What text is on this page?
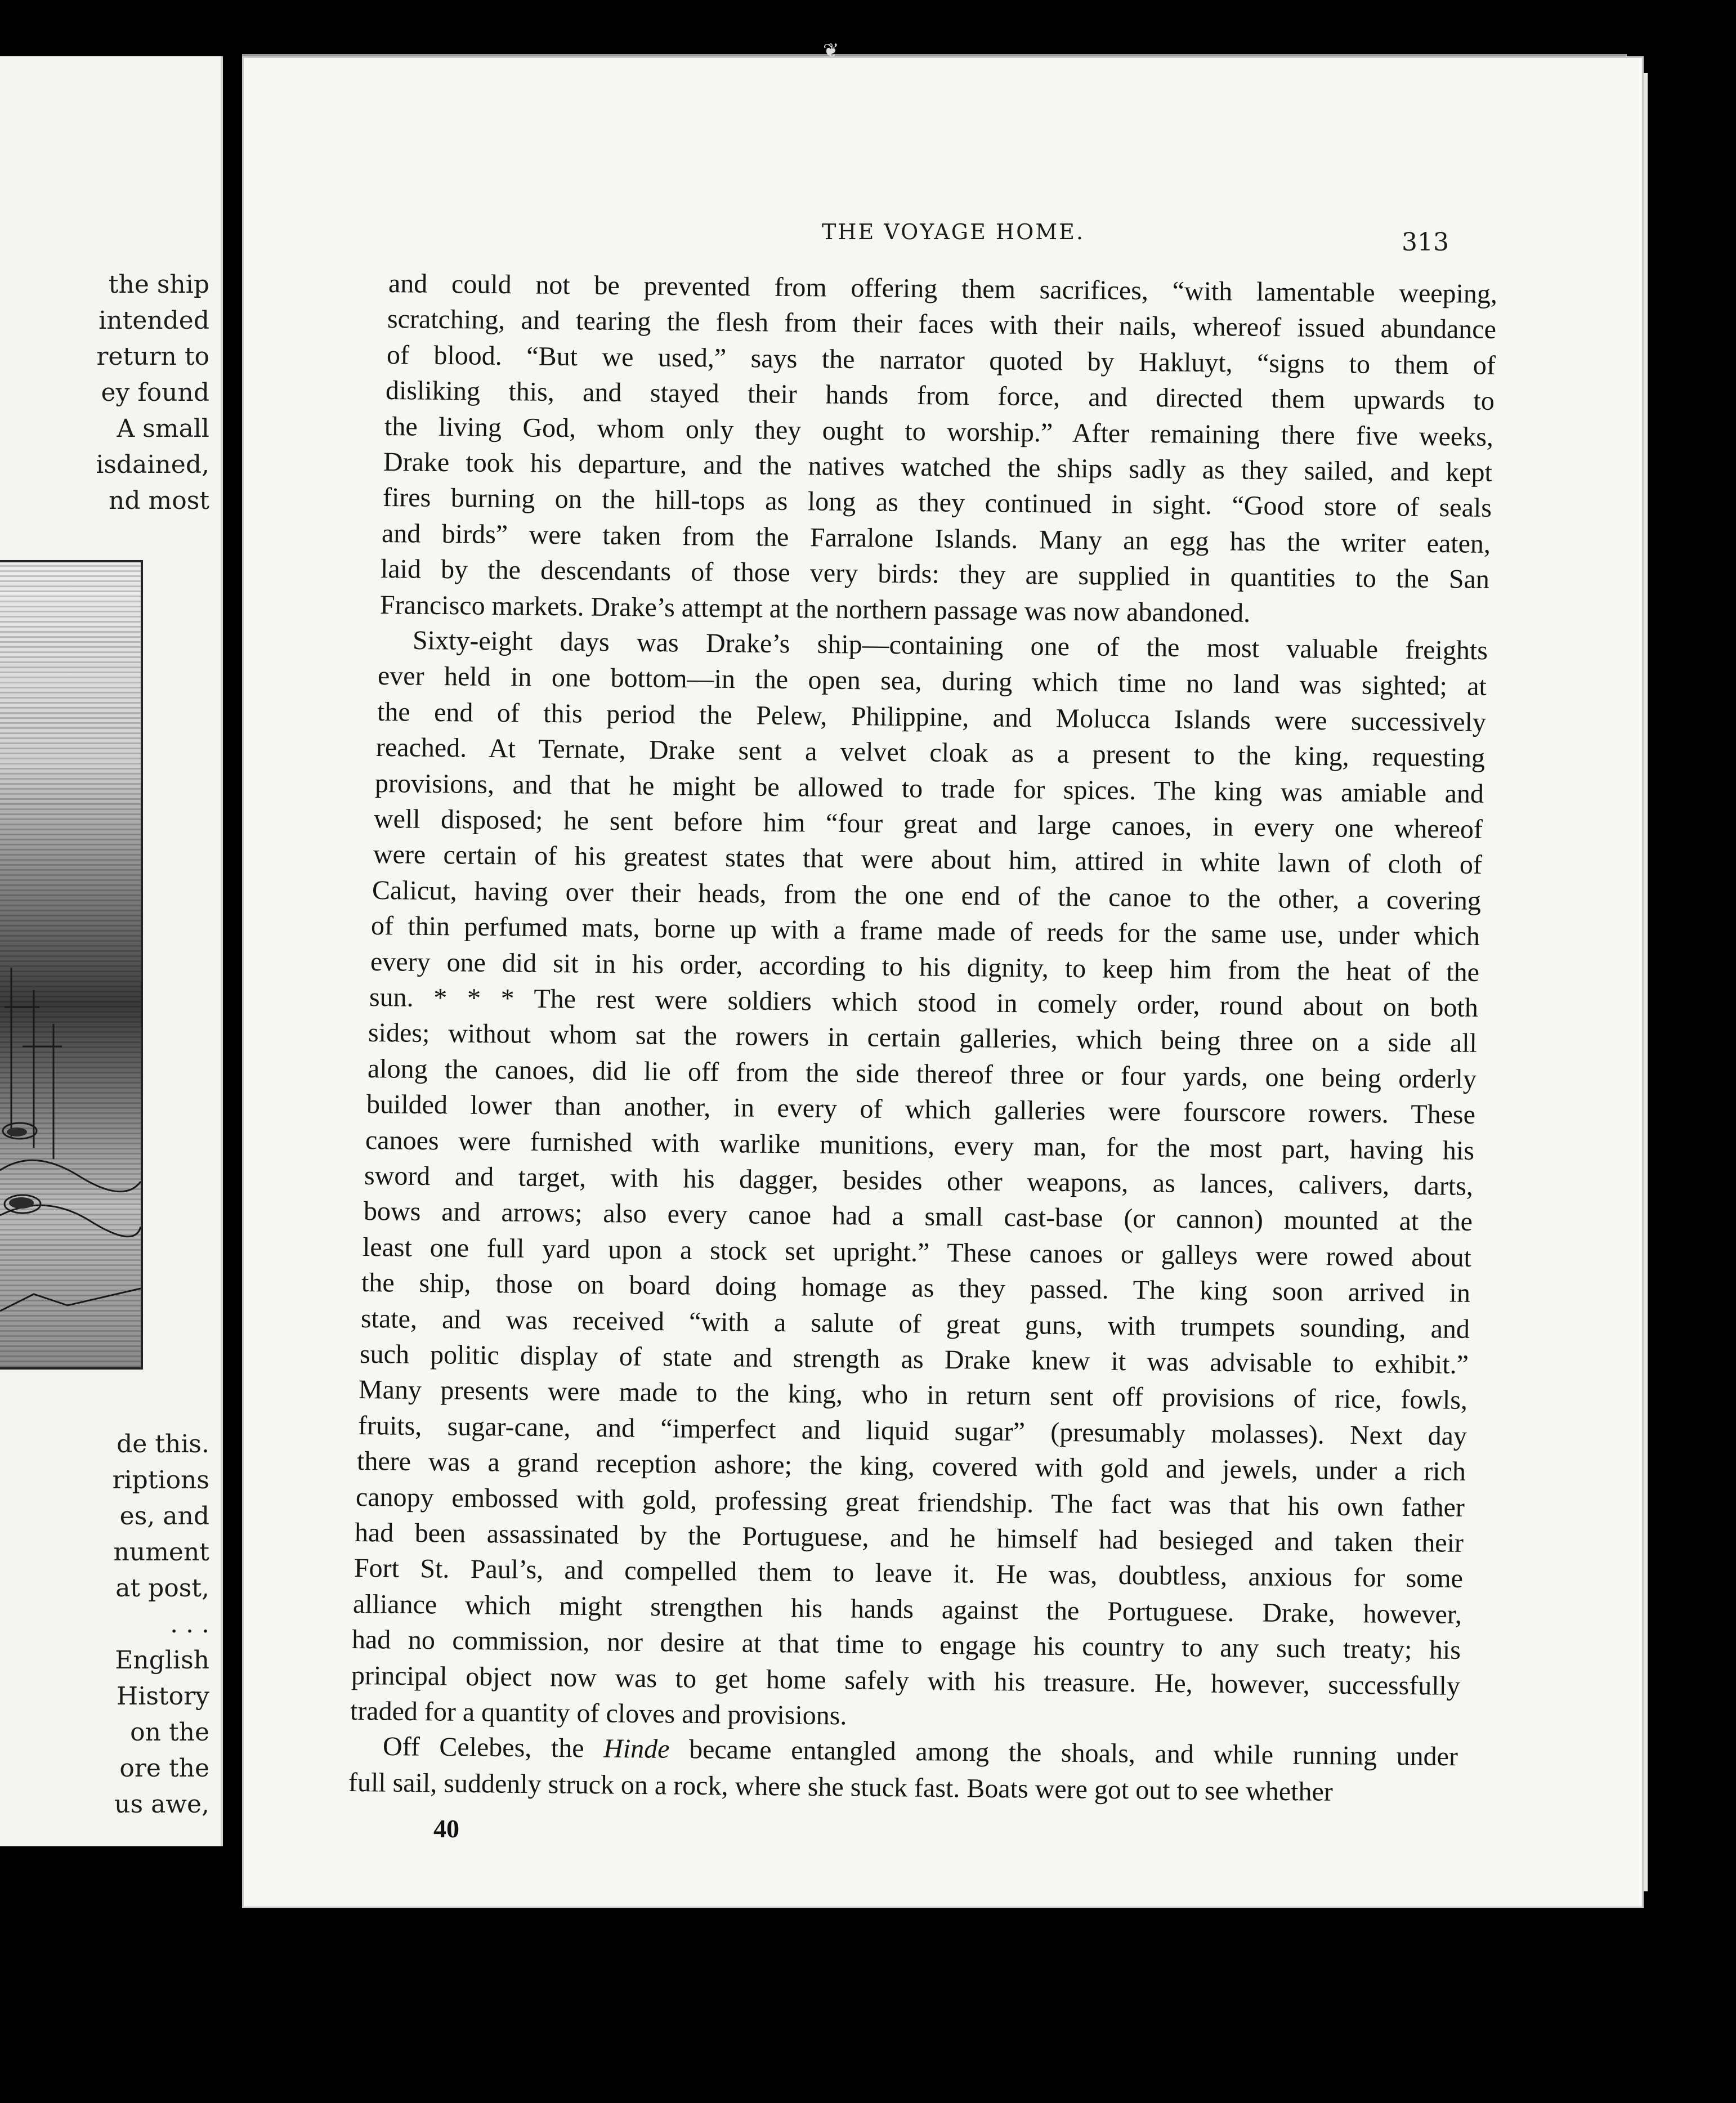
the ship
intended
return to
ey found
A small
isdained,
nd most
de this.
riptions
es, and
nument
at post,
. . .
English
History
on the
ore the
us awe,
❦
THE VOYAGE HOME.	313
and could not be prevented from offering them sacrifices, “with lamentable weeping,
scratching, and tearing the flesh from their faces with their nails, whereof issued abundance
of blood. “But we used,” says the narrator quoted by Hakluyt, “signs to them of
disliking this, and stayed their hands from force, and directed them upwards to
the living God, whom only they ought to worship.” After remaining there five weeks,
Drake took his departure, and the natives watched the ships sadly as they sailed, and kept
fires burning on the hill-tops as long as they continued in sight. “Good store of seals
and birds” were taken from the Farralone Islands. Many an egg has the writer eaten,
laid by the descendants of those very birds: they are supplied in quantities to the San
Francisco markets. Drake’s attempt at the northern passage was now abandoned.
Sixty-eight days was Drake’s ship—containing one of the most valuable freights
ever held in one bottom—in the open sea, during which time no land was sighted; at
the end of this period the Pelew, Philippine, and Molucca Islands were successively
reached. At Ternate, Drake sent a velvet cloak as a present to the king, requesting
provisions, and that he might be allowed to trade for spices. The king was amiable and
well disposed; he sent before him “four great and large canoes, in every one whereof
were certain of his greatest states that were about him, attired in white lawn of cloth of
Calicut, having over their heads, from the one end of the canoe to the other, a covering
of thin perfumed mats, borne up with a frame made of reeds for the same use, under which
every one did sit in his order, according to his dignity, to keep him from the heat of the
sun. * * * The rest were soldiers which stood in comely order, round about on both
sides; without whom sat the rowers in certain galleries, which being three on a side all
along the canoes, did lie off from the side thereof three or four yards, one being orderly
builded lower than another, in every of which galleries were fourscore rowers. These
canoes were furnished with warlike munitions, every man, for the most part, having his
sword and target, with his dagger, besides other weapons, as lances, calivers, darts,
bows and arrows; also every canoe had a small cast-base (or cannon) mounted at the
least one full yard upon a stock set upright.” These canoes or galleys were rowed about
the ship, those on board doing homage as they passed. The king soon arrived in
state, and was received “with a salute of great guns, with trumpets sounding, and
such politic display of state and strength as Drake knew it was advisable to exhibit.”
Many presents were made to the king, who in return sent off provisions of rice, fowls,
fruits, sugar-cane, and “imperfect and liquid sugar” (presumably molasses). Next day
there was a grand reception ashore; the king, covered with gold and jewels, under a rich
canopy embossed with gold, professing great friendship. The fact was that his own father
had been assassinated by the Portuguese, and he himself had besieged and taken their
Fort St. Paul’s, and compelled them to leave it. He was, doubtless, anxious for some
alliance which might strengthen his hands against the Portuguese. Drake, however,
had no commission, nor desire at that time to engage his country to any such treaty; his
principal object now was to get home safely with his treasure. He, however, successfully
traded for a quantity of cloves and provisions.
Off Celebes, the Hinde became entangled among the shoals, and while running under
full sail, suddenly struck on a rock, where she stuck fast. Boats were got out to see whether
40
